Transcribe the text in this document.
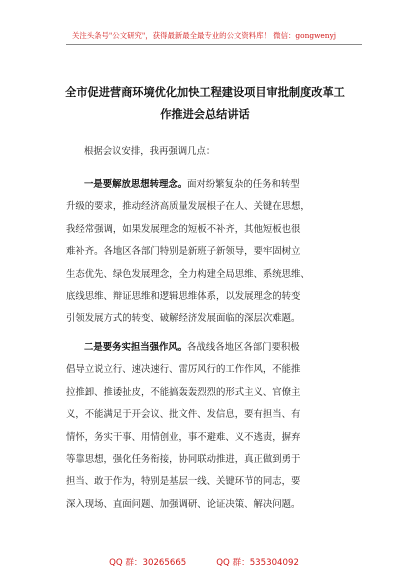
关注头条号"公文研究"，获得最新最全最专业的公文资料库！ 微信：gongwenyj
全市促进营商环境优化加快工程建设项目审批制度改革工
作推进会总结讲话
根据会议安排，我再强调几点：
一是要解放思想转理念。面对纷繁复杂的任务和转型
升级的要求，推动经济高质量发展根子在人、关键在思想，
我经常强调，如果发展理念的短板不补齐，其他短板也很
难补齐。各地区各部门特别是新班子新领导，要牢固树立
生态优先、绿色发展理念，全力构建全局思维、系统思维、
底线思维、辩证思维和逻辑思维体系，以发展理念的转变
引领发展方式的转变、破解经济发展面临的深层次难题。
二是要务实担当强作风。各战线各地区各部门要积极
倡导立说立行、速决速行、雷厉风行的工作作风，不能推
拉推卸、推诿扯皮，不能搞轰轰烈烈的形式主义、官僚主
义，不能满足于开会议、批文件、发信息，要有担当、有
情怀，务实干事、用情创业，事不避难、义不逃责，摒弃
等靠思想，强化任务衔接，协同联动推进，真正做到勇于
担当、敢于作为，特别是基层一线、关键环节的同志，要
深入现场、直面问题、加强调研、论证决策、解决问题。
QQ 群：30265665	QQ 群：535304092
